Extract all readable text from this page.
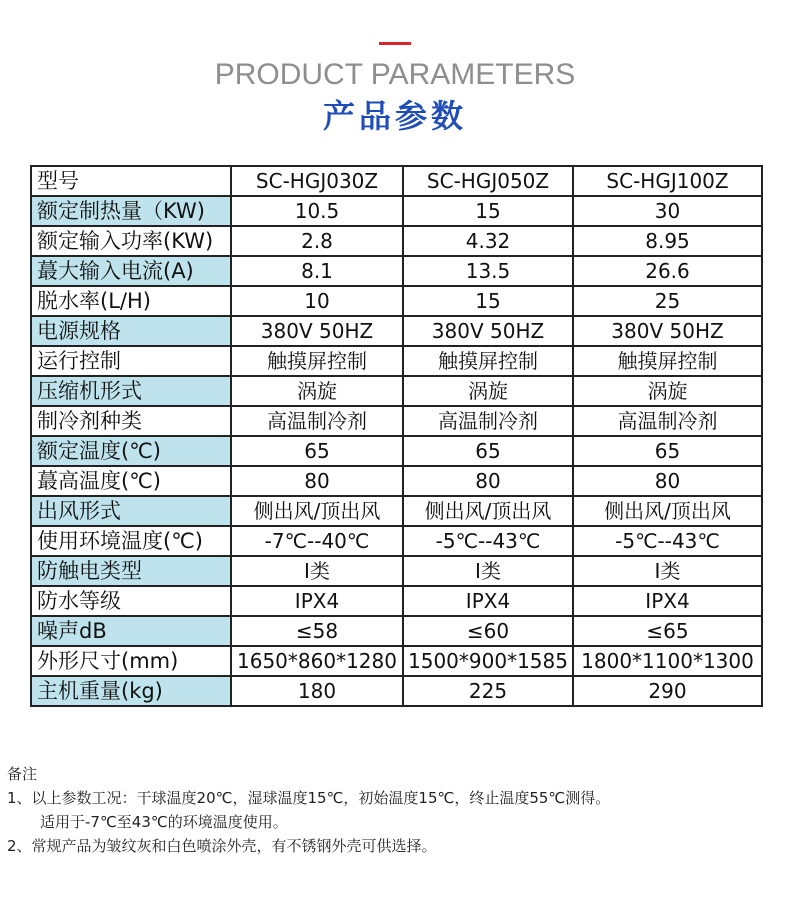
PRODUCT PARAMETERS
产品参数
型号	SC-HGJ030Z	SC-HGJ050Z	SC-HGJ100Z
额定制热量（KW)	10.5	15	30
额定输入功率(KW)	2.8	4.32	8.95
蕞大输入电流(A)	8.1	13.5	26.6
脱水率(L/H)	10	15	25
电源规格	380V 50HZ	380V 50HZ	380V 50HZ
运行控制	触摸屏控制	触摸屏控制	触摸屏控制
压缩机形式	涡旋	涡旋	涡旋
制冷剂种类	高温制冷剂	高温制冷剂	高温制冷剂
额定温度(℃)	65	65	65
蕞高温度(℃)	80	80	80
出风形式	侧出风/顶出风	侧出风/顶出风	侧出风/顶出风
使用环境温度(℃)	-7℃--40℃	-5℃--43℃	-5℃--43℃
防触电类型	Ⅰ类	Ⅰ类	Ⅰ类
防水等级	IPX4	IPX4	IPX4
噪声dB	≤58	≤60	≤65
外形尺寸(mm)	1650*860*1280	1500*900*1585	1800*1100*1300
主机重量(kg)	180	225	290
备注
1、以上参数工况：干球温度20℃，湿球温度15℃，初始温度15℃，终止温度55℃测得。
适用于-7℃至43℃的环境温度使用。
2、常规产品为皱纹灰和白色喷涂外壳，有不锈钢外壳可供选择。
